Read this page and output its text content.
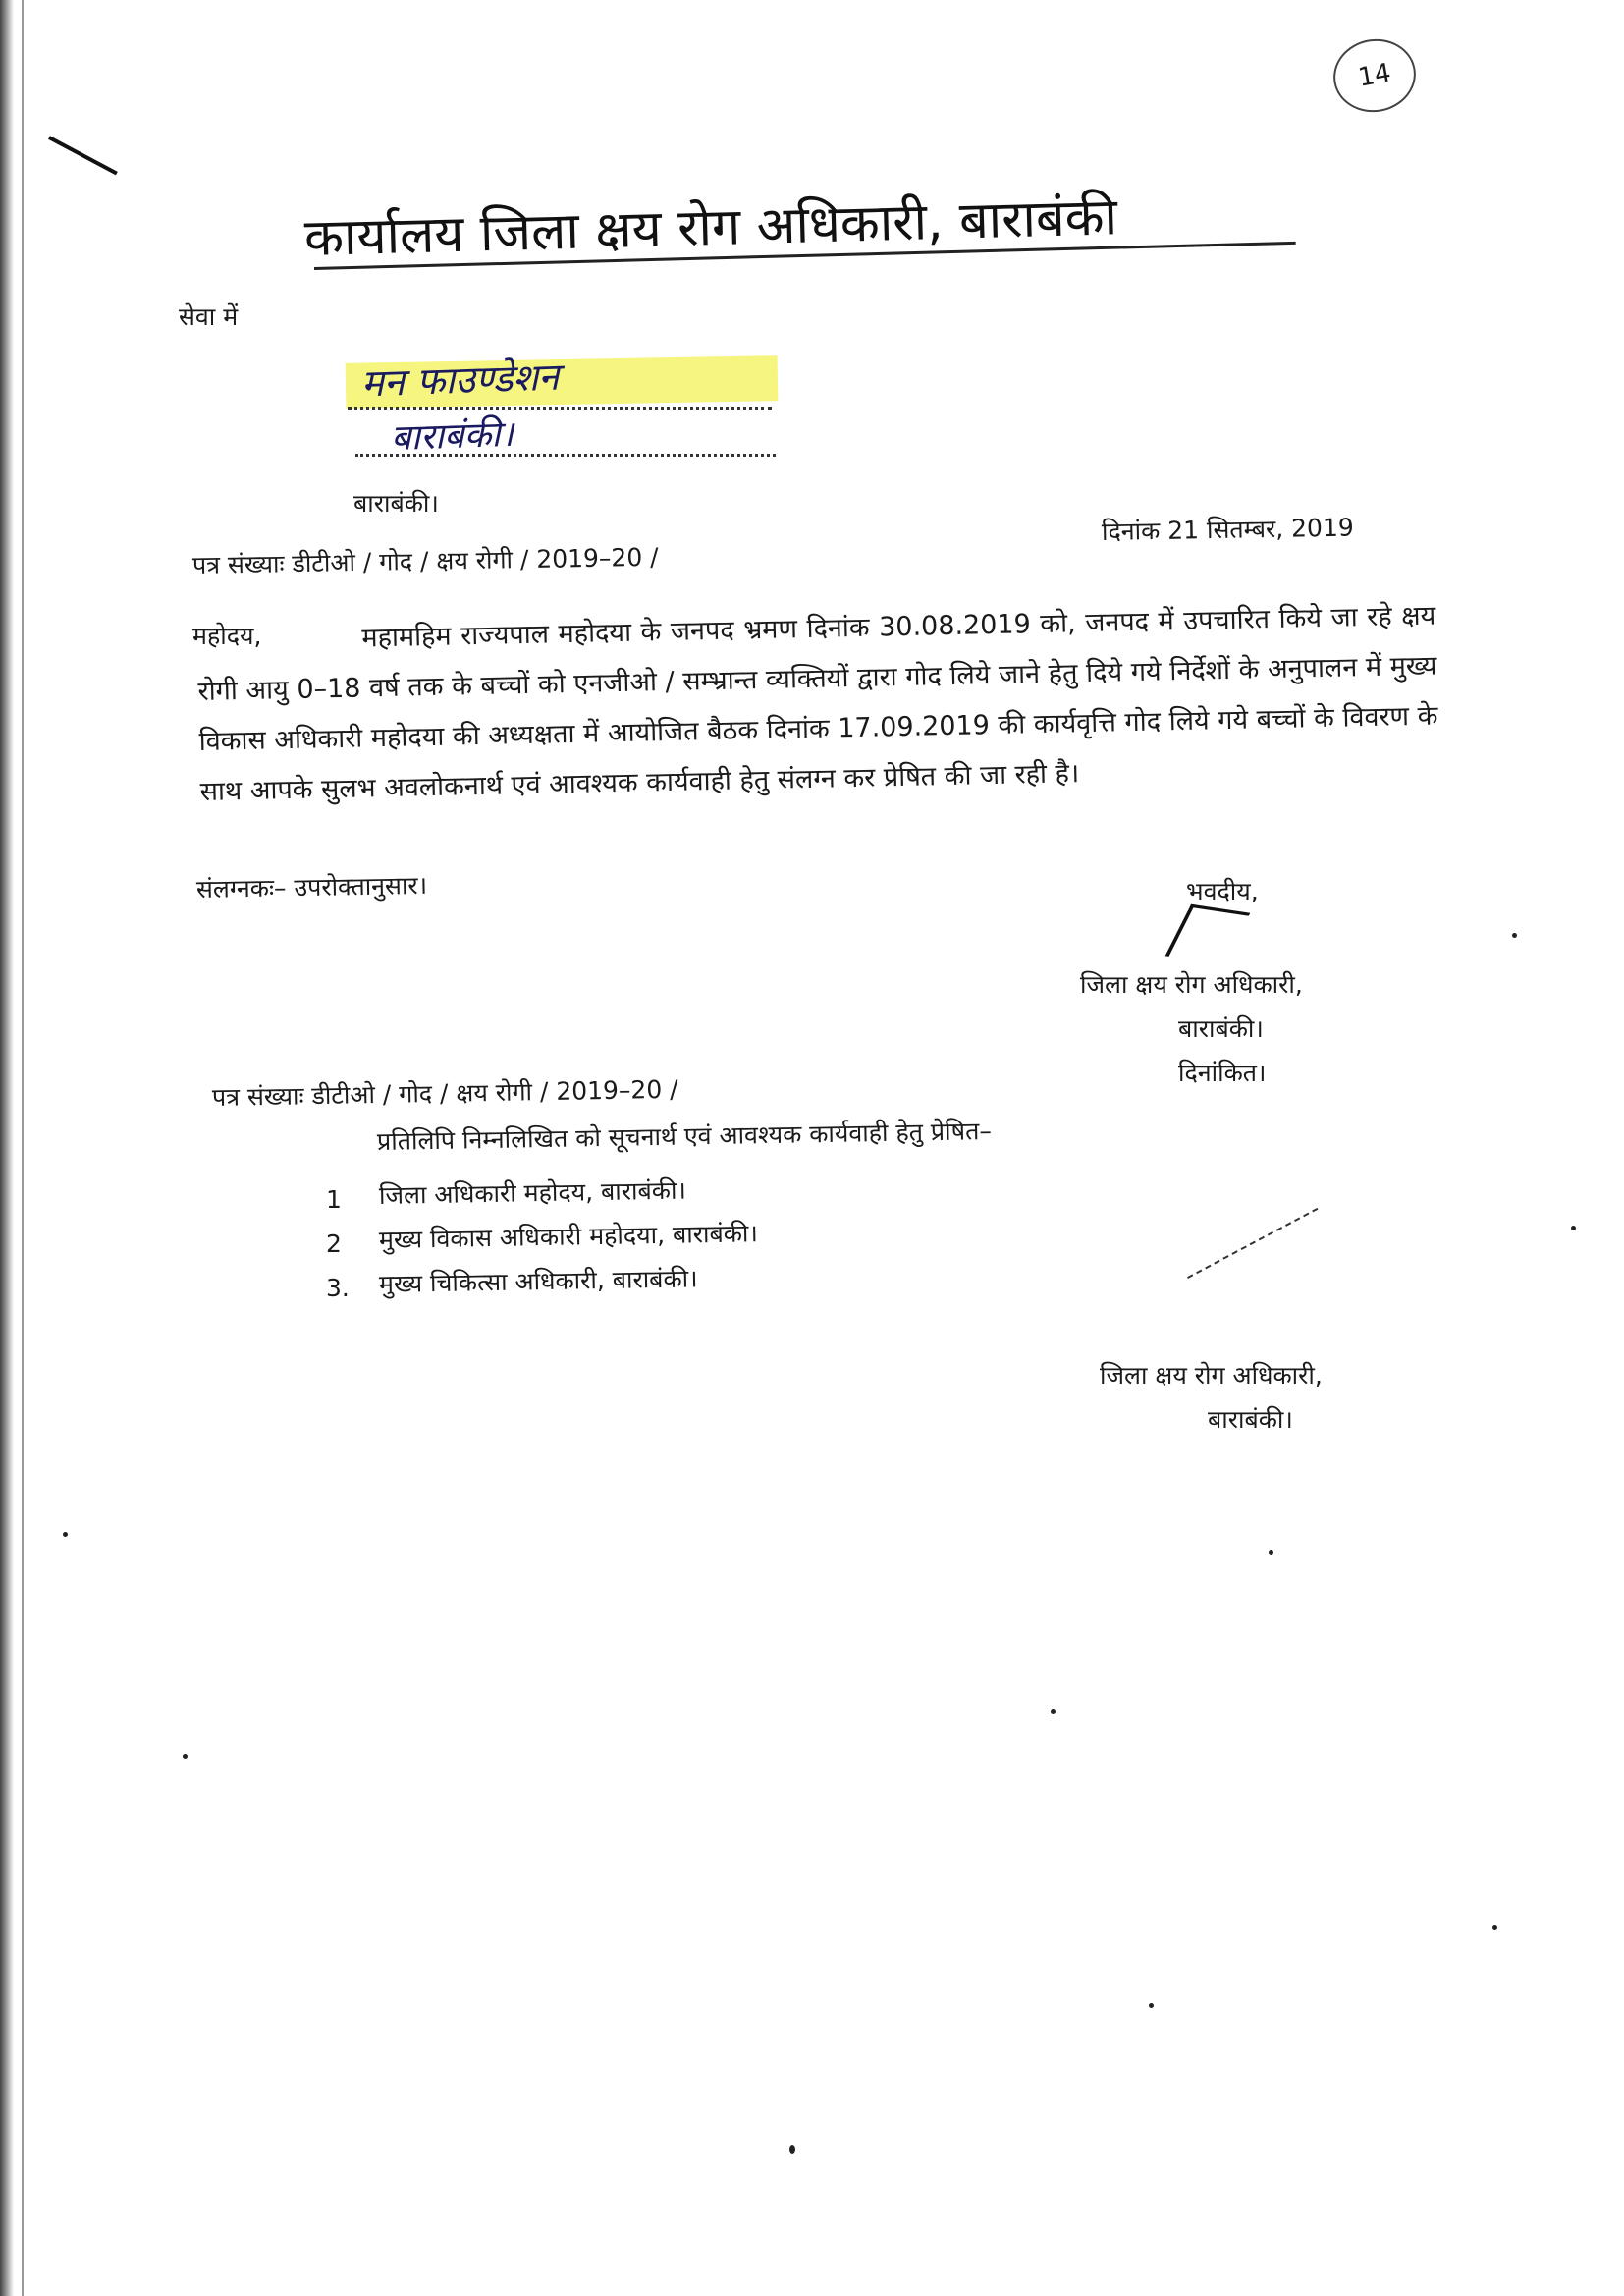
14
कार्यालय जिला क्षय रोग अधिकारी, बाराबंकी
सेवा में
मन फाउण्डेशन
बाराबंकी।
बाराबंकी।
पत्र संख्याः डीटीओ / गोद / क्षय रोगी / 2019–20 /
दिनांक 21 सितम्बर, 2019
महोदय,	महामहिम राज्यपाल महोदया के जनपद भ्रमण दिनांक 30.08.2019 को, जनपद में उपचारित किये जा रहे क्षय रोगी आयु 0–18 वर्ष तक के बच्चों को एनजीओ / सम्भ्रान्त व्यक्तियों द्वारा गोद लिये जाने हेतु दिये गये निर्देशों के अनुपालन में मुख्य विकास अधिकारी महोदया की अध्यक्षता में आयोजित बैठक दिनांक 17.09.2019 की कार्यवृत्ति गोद लिये गये बच्चों के विवरण के साथ आपके सुलभ अवलोकनार्थ एवं आवश्यक कार्यवाही हेतु संलग्न कर प्रेषित की जा रही है।
संलग्नकः– उपरोक्तानुसार।	भवदीय,
जिला क्षय रोग अधिकारी,
बाराबंकी।
दिनांकित।
पत्र संख्याः डीटीओ / गोद / क्षय रोगी / 2019–20 /
प्रतिलिपि निम्नलिखित को सूचनार्थ एवं आवश्यक कार्यवाही हेतु प्रेषित–
1 जिला अधिकारी महोदय, बाराबंकी।
2 मुख्य विकास अधिकारी महोदया, बाराबंकी।
3. मुख्य चिकित्सा अधिकारी, बाराबंकी।
जिला क्षय रोग अधिकारी,
बाराबंकी।
